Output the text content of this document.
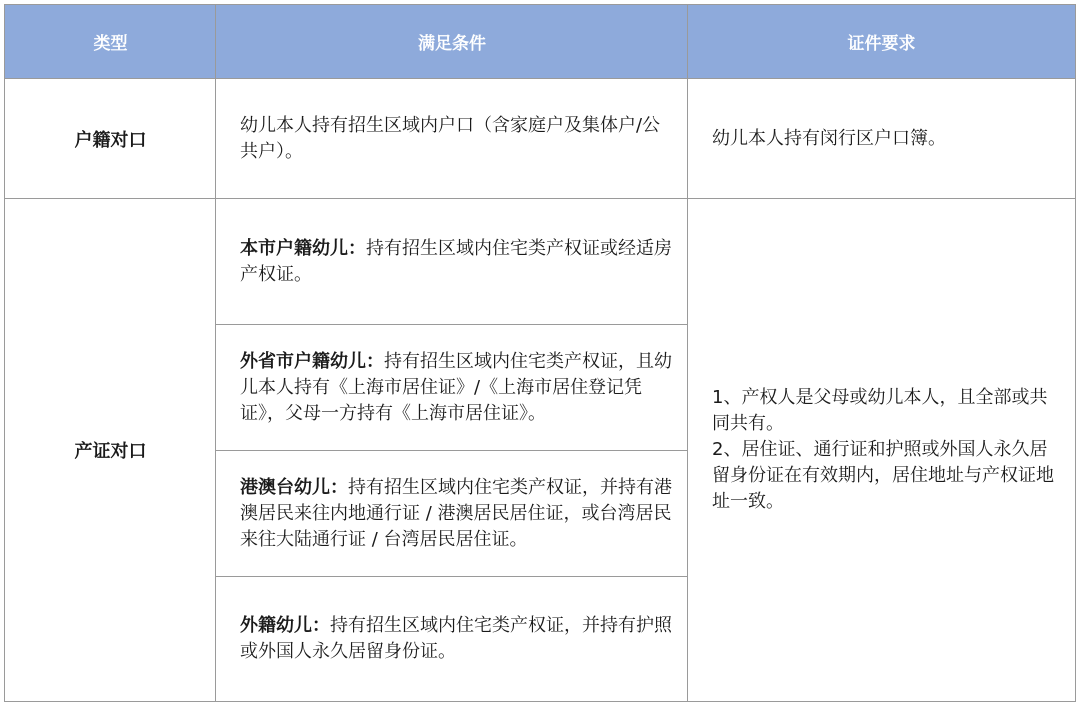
类型	满足条件	证件要求
户籍对口
幼儿本人持有招生区域内户口（含家庭户及集体户/公共户）。
幼儿本人持有闵行区户口簿。
产证对口
本市户籍幼儿：持有招生区域内住宅类产权证或经适房产权证。
外省市户籍幼儿：持有招生区域内住宅类产权证，且幼儿本人持有《上海市居住证》/《上海市居住登记凭证》，父母一方持有《上海市居住证》。
港澳台幼儿：持有招生区域内住宅类产权证，并持有港澳居民来往内地通行证 / 港澳居民居住证，或台湾居民来往大陆通行证 / 台湾居民居住证。
外籍幼儿：持有招生区域内住宅类产权证，并持有护照或外国人永久居留身份证。

1、产权人是父母或幼儿本人，且全部或共同共有。

2、居住证、通行证和护照或外国人永久居留身份证在有效期内，居住地址与产权证地址一致。
